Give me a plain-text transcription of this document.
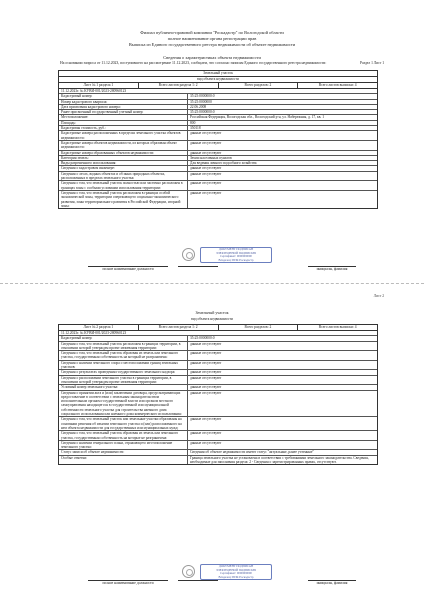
Филиал публично-правовой компании "Роскадастр" по Вологодской области
полное наименование органа регистрации прав
Выписка из Единого государственного реестра недвижимости об объекте недвижимости
Сведения о характеристиках объекта недвижимости
На основании запроса от 11.12.2023, поступившего на рассмотрение 11.12.2023, сообщаем, что согласно записям Единого государственного реестра недвижимости:	Раздел 1 Лист 1
Земельный участок
вид объекта недвижимости
Лист № 1 раздела 1	Всего листов раздела 1: 2	Всего разделов: 2	Всего листов выписки: 4
11.12.2023г. № КУВИ-001/2023-280960123
Кадастровый номер:	35:25:0000000:0
Номер кадастрового квартала:	35:25:0000000
Дата присвоения кадастрового номера:	22.06.2008
Ранее присвоенный государственный учетный номер:	35:25:0000000:0
Местоположение:	Российская Федерация, Вологодская обл., Вологодский р-н, ул. Набережная, д. 17, кв. 1
Площадь:	800
Кадастровая стоимость, руб.:	350118
Кадастровые номера расположенных в пределах земельного участка объектов недвижимости:
данные отсутствуют
Кадастровые номера объектов недвижимости, из которых образован объект недвижимости:
данные отсутствуют
Кадастровые номера образованных объектов недвижимости:	данные отсутствуют
Категория земель:	Земли населенных пунктов
Виды разрешенного использования:	Для ведения личного подсобного хозяйства
Сведения о кадастровом инженере:	данные отсутствуют
Сведения о лесах, водных объектах и об иных природных объектах, расположенных в пределах земельного участка:
данные отсутствуют
Сведения о том, что земельный участок полностью или частично расположен в границах зоны с особыми условиями использования территории:
данные отсутствуют
Сведения о том, что земельный участок расположен в границах особой экономической зоны, территории опережающего социально-экономического развития, зоны территориального развития в Российской Федерации, игорной зоны:
данные отсутствуют
ДОКУМЕНТ ПОДПИСАН
ЭЛЕКТРОННОЙ ПОДПИСЬЮ
Сертификат: 0000000000
Владелец: ППК Роскадастр
полное наименование должности	инициалы, фамилия
Лист 2
Земельный участок
вид объекта недвижимости
Лист № 2 раздела 1	Всего листов раздела 1: 2	Всего разделов: 2	Всего листов выписки: 4
11.12.2023г. № КУВИ-001/2023-280960123
Кадастровый номер:	35:25:0000000:0
Сведения о том, что земельный участок расположен в границах территории, в отношении которой утвержден проект межевания территории:
данные отсутствуют
Сведения о том, что земельный участок образован из земель или земельного участка, государственная собственность на который не разграничена:
данные отсутствуют
Сведения о наличии земельного спора о местоположении границ земельных участков:
данные отсутствуют
Сведения о результатах проведения государственного земельного надзора:	данные отсутствуют
Сведения о расположении земельного участка в границах территории, в отношении которой утвержден проект межевания территории:
данные отсутствуют
Условный номер земельного участка:	данные отсутствуют
Сведения о принятии акта и (или) заключении договора, предусматривающих предоставление в соответствии с земельным законодательством исполнительным органом государственной власти или органом местного самоуправления находящегося в государственной или муниципальной собственности земельного участка для строительства наемного дома социального использования или наемного дома коммерческого использования:
данные отсутствуют
Сведения о том, что земельный участок или земельные участки образованы на основании решения об изъятии земельного участка и (или) расположенного на нем объекта недвижимости для государственных или муниципальных нужд:
данные отсутствуют
Сведения о том, что земельный участок образован из земель или земельного участка, государственная собственность на которые не разграничена:
данные отсутствуют
Сведения о наличии генерального плана, отражающего местоположение земельного участка:
данные отсутствуют
Статус записи об объекте недвижимости:	Сведения об объекте недвижимости имеют статус "актуальные, ранее учтенные"
Особые отметки:	Граница земельного участка не установлена в соответствии с требованиями земельного законодательства. Сведения, необходимые для заполнения раздела: 2 - Сведения о зарегистрированных правах, отсутствуют.
ДОКУМЕНТ ПОДПИСАН
ЭЛЕКТРОННОЙ ПОДПИСЬЮ
Сертификат: 0000000000
Владелец: ППК Роскадастр
полное наименование должности	инициалы, фамилия
